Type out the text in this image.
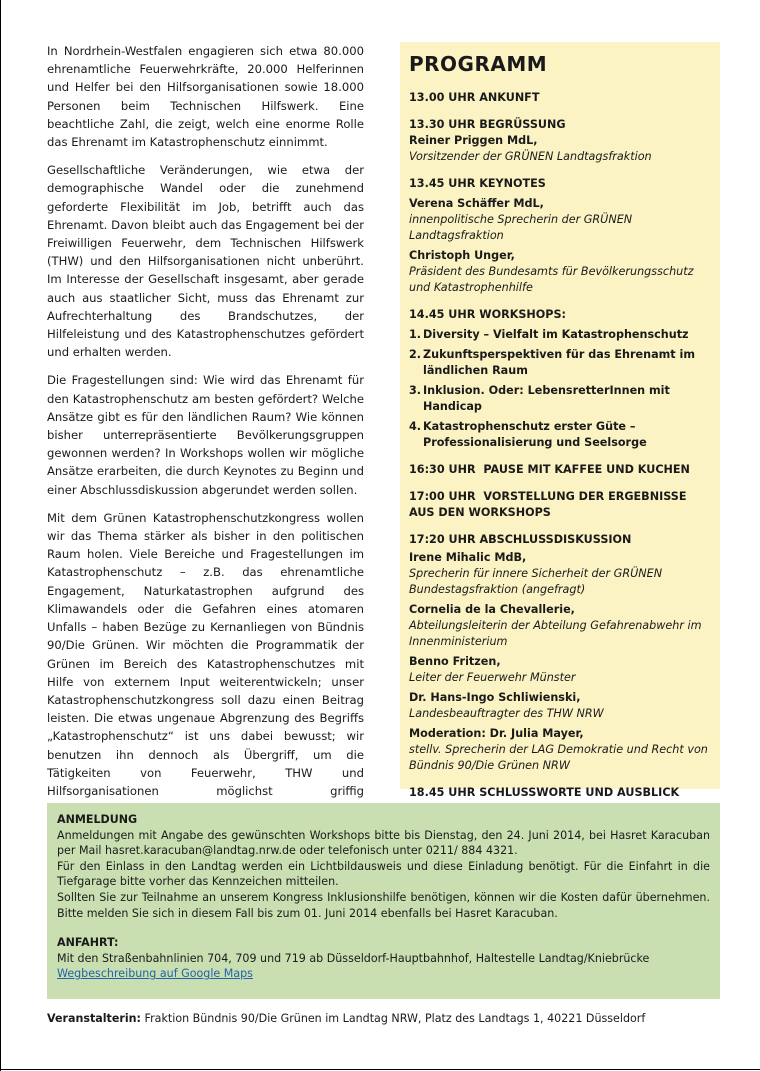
In Nordrhein-Westfalen engagieren sich etwa 80.000 ehrenamtliche Feuerwehrkräfte, 20.000 Helferinnen und Helfer bei den Hilfsorganisationen sowie 18.000 Personen beim Technischen Hilfswerk. Eine beachtliche Zahl, die zeigt, welch eine enorme Rolle das Ehrenamt im Katastrophenschutz einnimmt.

Gesellschaftliche Veränderungen, wie etwa der demographische Wandel oder die zunehmend geforderte Flexibilität im Job, betrifft auch das Ehrenamt. Davon bleibt auch das Engagement bei der Freiwilligen Feuerwehr, dem Technischen Hilfswerk (THW) und den Hilfsorganisationen nicht unberührt. Im Interesse der Gesellschaft insgesamt, aber gerade auch aus staatlicher Sicht, muss das Ehrenamt zur Aufrechterhaltung des Brandschutzes, der Hilfeleistung und des Katastrophenschutzes gefördert und erhalten werden.

Die Fragestellungen sind: Wie wird das Ehrenamt für den Katastrophenschutz am besten gefördert? Welche Ansätze gibt es für den ländlichen Raum? Wie können bisher unterrepräsentierte Bevölkerungsgruppen gewonnen werden? In Workshops wollen wir mögliche Ansätze erarbeiten, die durch Keynotes zu Beginn und einer Abschlussdiskussion abgerundet werden sollen.

Mit dem Grünen Katastrophenschutzkongress wollen wir das Thema stärker als bisher in den politischen Raum holen. Viele Bereiche und Fragestellungen im Katastrophenschutz – z.B. das ehrenamtliche Engagement, Naturkatastrophen aufgrund des Klimawandels oder die Gefahren eines atomaren Unfalls – haben Bezüge zu Kernanliegen von Bündnis 90/Die Grünen. Wir möchten die Programmatik der Grünen im Bereich des Katastrophenschutzes mit Hilfe von externem Input weiterentwickeln; unser Katastrophenschutzkongress soll dazu einen Beitrag leisten. Die etwas ungenaue Abgrenzung des Begriffs „Katastrophenschutz“ ist uns dabei bewusst; wir benutzen ihn dennoch als Übergriff, um die Tätigkeiten von Feuerwehr, THW und Hilfsorganisationen möglichst griffig

PROGRAMM
13.00 UHR ANKUNFT
13.30 UHR BEGRÜSSUNG
Reiner Priggen MdL,
Vorsitzender der GRÜNEN Landtagsfraktion
13.45 UHR KEYNOTES
Verena Schäffer MdL,
innenpolitische Sprecherin der GRÜNEN Landtagsfraktion
Christoph Unger,
Präsident des Bundesamts für Bevölkerungsschutz und Katastrophenhilfe
14.45 UHR WORKSHOPS:
1. Diversity – Vielfalt im Katastrophenschutz
2. Zukunftsperspektiven für das Ehrenamt im ländlichen Raum
3. Inklusion. Oder: LebensretterInnen mit Handicap
4. Katastrophenschutz erster Güte – Professionalisierung und Seelsorge
16:30 UHR  PAUSE MIT KAFFEE UND KUCHEN
17:00 UHR  VORSTELLUNG DER ERGEBNISSE AUS DEN WORKSHOPS
17:20 UHR ABSCHLUSSDISKUSSION
Irene Mihalic MdB,
Sprecherin für innere Sicherheit der GRÜNEN Bundestagsfraktion (angefragt)
Cornelia de la Chevallerie,
Abteilungsleiterin der Abteilung Gefahrenabwehr im Innenministerium
Benno Fritzen,
Leiter der Feuerwehr Münster
Dr. Hans-Ingo Schliwienski,
Landesbeauftragter des THW NRW
Moderation: Dr. Julia Mayer,
stellv. Sprecherin der LAG Demokratie und Recht von Bündnis 90/Die Grünen NRW
18.45 UHR SCHLUSSWORTE UND AUSBLICK
ANMELDUNG
Anmeldungen mit Angabe des gewünschten Workshops bitte bis Dienstag, den 24. Juni 2014, bei Hasret Karacuban per Mail hasret.karacuban@landtag.nrw.de oder telefonisch unter 0211/ 884 4321.
Für den Einlass in den Landtag werden ein Lichtbildausweis und diese Einladung benötigt. Für die Einfahrt in die Tiefgarage bitte vorher das Kennzeichen mitteilen.
Sollten Sie zur Teilnahme an unserem Kongress Inklusionshilfe benötigen, können wir die Kosten dafür übernehmen. Bitte melden Sie sich in diesem Fall bis zum 01. Juni 2014 ebenfalls bei Hasret Karacuban.
ANFAHRT:
Mit den Straßenbahnlinien 704, 709 und 719 ab Düsseldorf-Hauptbahnhof, Haltestelle Landtag/Kniebrücke
Wegbeschreibung auf Google Maps
Veranstalterin: Fraktion Bündnis 90/Die Grünen im Landtag NRW, Platz des Landtags 1, 40221 Düsseldorf
